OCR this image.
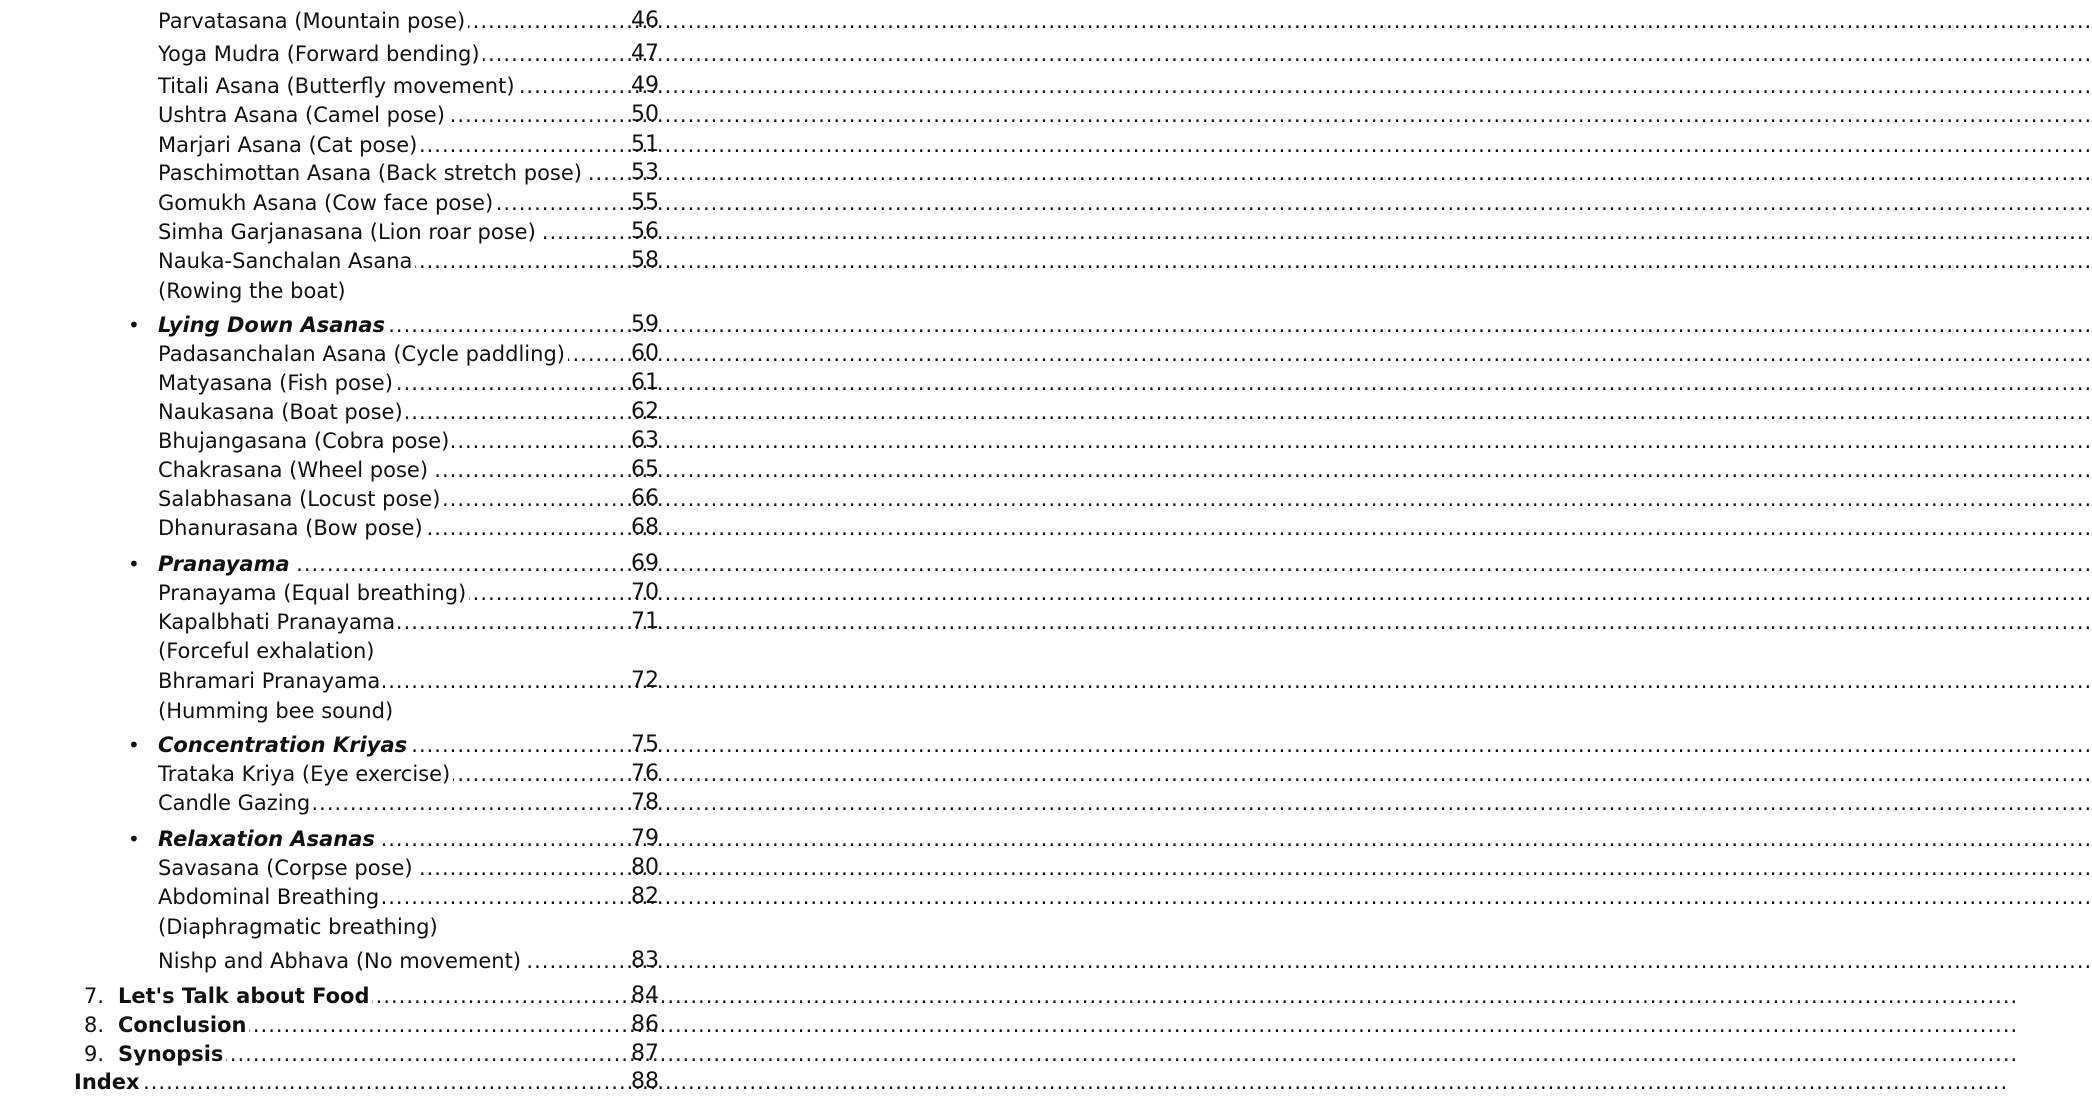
Parvatasana (Mountain pose) .....	46
Yoga Mudra (Forward bending) .....	47
Titali Asana (Butterfly movement) .....	49
Ushtra Asana (Camel pose) .....	50
Marjari Asana (Cat pose) .....	51
Paschimottan Asana (Back stretch pose) .....	53
Gomukh Asana (Cow face pose) .....	55
Simha Garjanasana (Lion roar pose) .....	56
Nauka-Sanchalan Asana .....	58
(Rowing the boat)
• Lying Down Asanas .....	59
Padasanchalan Asana (Cycle paddling) .....	60
Matyasana (Fish pose) .....	61
Naukasana (Boat pose) .....	62
Bhujangasana (Cobra pose) .....	63
Chakrasana (Wheel pose) .....	65
Salabhasana (Locust pose) .....	66
Dhanurasana (Bow pose) .....	68
• Pranayama .....	69
Pranayama (Equal breathing) .....	70
Kapalbhati Pranayama .....	71
(Forceful exhalation)
Bhramari Pranayama .....	72
(Humming bee sound)
• Concentration Kriyas .....	75
Trataka Kriya (Eye exercise) .....	76
Candle Gazing .....	78
• Relaxation Asanas .....	79
Savasana (Corpse pose) .....	80
Abdominal Breathing .....	82
(Diaphragmatic breathing)
Nishp and Abhava (No movement) .....	83
7. Let's Talk about Food .....	84
8. Conclusion .....	86
9. Synopsis .....	87
Index .....	88
